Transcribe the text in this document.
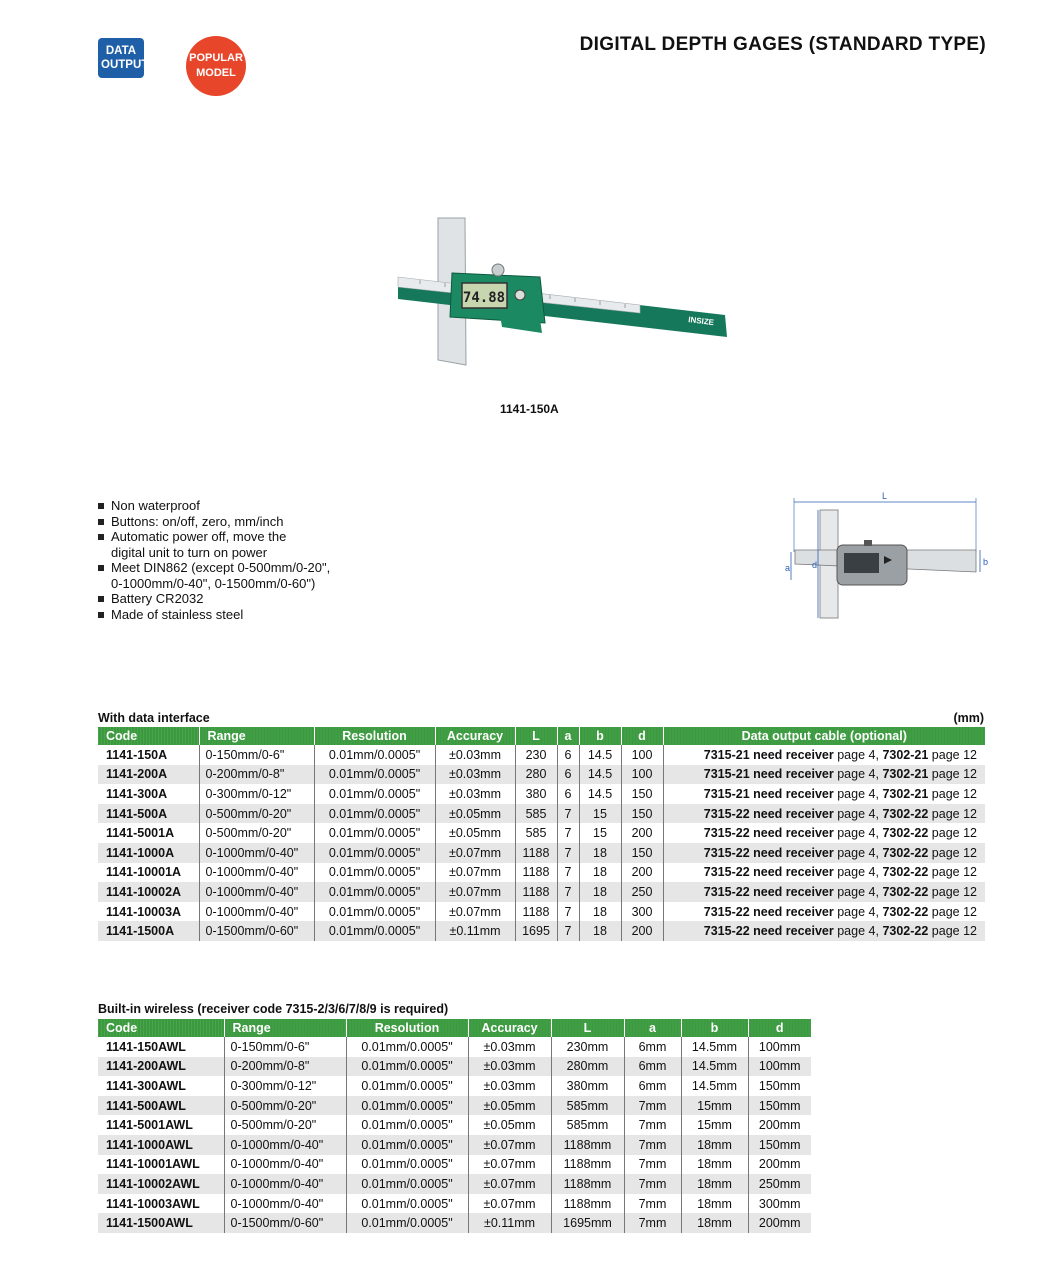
DATA OUTPUT
POPULAR MODEL
DIGITAL DEPTH GAGES (STANDARD TYPE)
74.88
INSIZE
1141-150A
Non waterproof
Buttons: on/off, zero, mm/inch
Automatic power off, move the
digital unit to turn on power
Meet DIN862 (except 0-500mm/0-20",
0-1000mm/0-40", 0-1500mm/0-60")
Battery CR2032
Made of stainless steel
L
b
a d
With data interface	(mm)
Code	Range	Resolution	Accuracy	L	a	b	d	Data output cable (optional)
1141-150A	0-150mm/0-6"	0.01mm/0.0005"	±0.03mm	230	6	14.5	100	7315-21 need receiver page 4, 7302-21 page 12
1141-200A	0-200mm/0-8"	0.01mm/0.0005"	±0.03mm	280	6	14.5	100	7315-21 need receiver page 4, 7302-21 page 12
1141-300A	0-300mm/0-12"	0.01mm/0.0005"	±0.03mm	380	6	14.5	150	7315-21 need receiver page 4, 7302-21 page 12
1141-500A	0-500mm/0-20"	0.01mm/0.0005"	±0.05mm	585	7	15	150	7315-22 need receiver page 4, 7302-22 page 12
1141-5001A	0-500mm/0-20"	0.01mm/0.0005"	±0.05mm	585	7	15	200	7315-22 need receiver page 4, 7302-22 page 12
1141-1000A	0-1000mm/0-40"	0.01mm/0.0005"	±0.07mm	1188	7	18	150	7315-22 need receiver page 4, 7302-22 page 12
1141-10001A	0-1000mm/0-40"	0.01mm/0.0005"	±0.07mm	1188	7	18	200	7315-22 need receiver page 4, 7302-22 page 12
1141-10002A	0-1000mm/0-40"	0.01mm/0.0005"	±0.07mm	1188	7	18	250	7315-22 need receiver page 4, 7302-22 page 12
1141-10003A	0-1000mm/0-40"	0.01mm/0.0005"	±0.07mm	1188	7	18	300	7315-22 need receiver page 4, 7302-22 page 12
1141-1500A	0-1500mm/0-60"	0.01mm/0.0005"	±0.11mm	1695	7	18	200	7315-22 need receiver page 4, 7302-22 page 12
Built-in wireless (receiver code 7315-2/3/6/7/8/9 is required)
Code	Range	Resolution	Accuracy	L	a	b	d
1141-150AWL	0-150mm/0-6"	0.01mm/0.0005"	±0.03mm	230mm	6mm	14.5mm	100mm
1141-200AWL	0-200mm/0-8"	0.01mm/0.0005"	±0.03mm	280mm	6mm	14.5mm	100mm
1141-300AWL	0-300mm/0-12"	0.01mm/0.0005"	±0.03mm	380mm	6mm	14.5mm	150mm
1141-500AWL	0-500mm/0-20"	0.01mm/0.0005"	±0.05mm	585mm	7mm	15mm	150mm
1141-5001AWL	0-500mm/0-20"	0.01mm/0.0005"	±0.05mm	585mm	7mm	15mm	200mm
1141-1000AWL	0-1000mm/0-40"	0.01mm/0.0005"	±0.07mm	1188mm	7mm	18mm	150mm
1141-10001AWL	0-1000mm/0-40"	0.01mm/0.0005"	±0.07mm	1188mm	7mm	18mm	200mm
1141-10002AWL	0-1000mm/0-40"	0.01mm/0.0005"	±0.07mm	1188mm	7mm	18mm	250mm
1141-10003AWL	0-1000mm/0-40"	0.01mm/0.0005"	±0.07mm	1188mm	7mm	18mm	300mm
1141-1500AWL	0-1500mm/0-60"	0.01mm/0.0005"	±0.11mm	1695mm	7mm	18mm	200mm
